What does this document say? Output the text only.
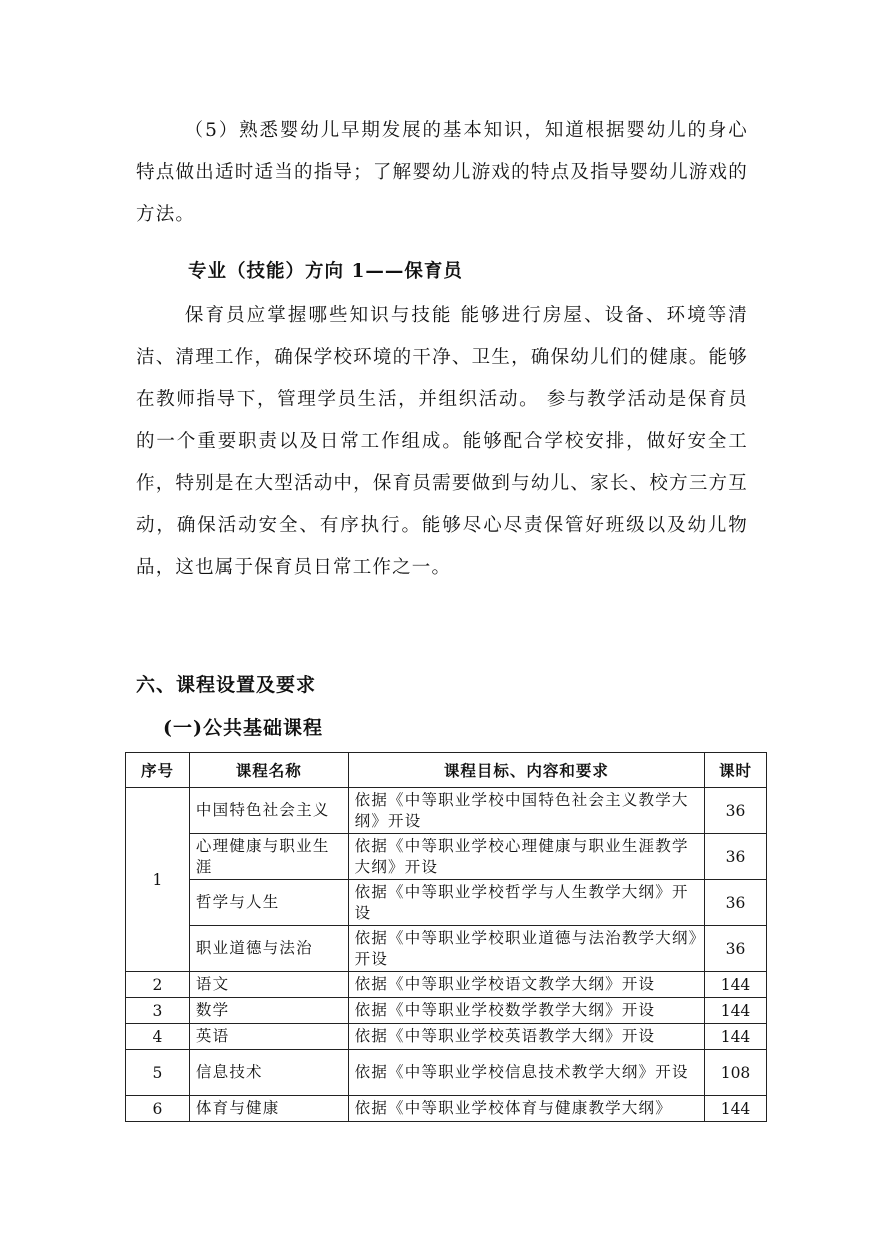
（5）熟悉婴幼儿早期发展的基本知识，知道根据婴幼儿的身心特点做出适时适当的指导；了解婴幼儿游戏的特点及指导婴幼儿游戏的方法。

专业（技能）方向 1——保育员

保育员应掌握哪些知识与技能 能够进行房屋、设备、环境等清洁、清理工作，确保学校环境的干净、卫生，确保幼儿们的健康。能够在教师指导下，管理学员生活，并组织活动。 参与教学活动是保育员的一个重要职责以及日常工作组成。能够配合学校安排，做好安全工作，特别是在大型活动中，保育员需要做到与幼儿、家长、校方三方互动，确保活动安全、有序执行。能够尽心尽责保管好班级以及幼儿物品，这也属于保育员日常工作之一。

六、课程设置及要求
(一)公共基础课程
序号	课程名称	课程目标、内容和要求	课时
1	中国特色社会主义	依据《中等职业学校中国特色社会主义教学大纲》开设	36
	心理健康与职业生涯	依据《中等职业学校心理健康与职业生涯教学大纲》开设	36
	哲学与人生	依据《中等职业学校哲学与人生教学大纲》开设	36
	职业道德与法治	依据《中等职业学校职业道德与法治教学大纲》开设	36
2	语文	依据《中等职业学校语文教学大纲》开设	144
3	数学	依据《中等职业学校数学教学大纲》开设	144
4	英语	依据《中等职业学校英语教学大纲》开设	144
5	信息技术	依据《中等职业学校信息技术教学大纲》开设	108
6	体育与健康	依据《中等职业学校体育与健康教学大纲》	144
